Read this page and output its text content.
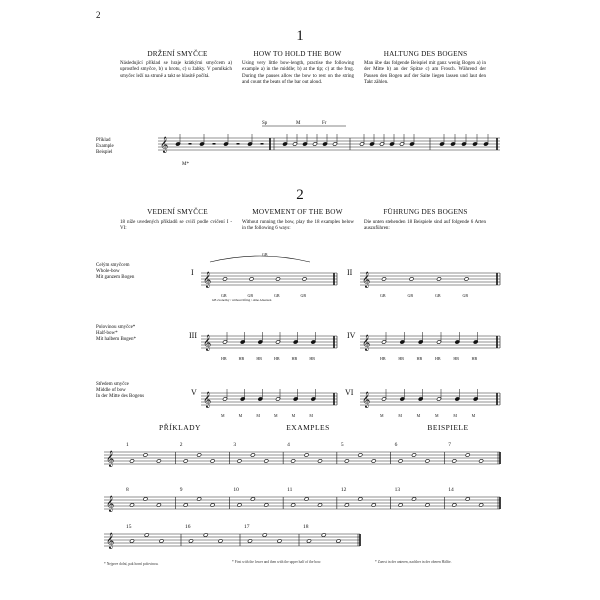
2
1
DRŽENÍ SMYČCE	HOW TO HOLD THE BOW	HALTUNG DES BOGENS
Následující příklad se hraje krátkými smyčcem a) uprostřed smyčce, b) u hrotu, c) u žabky. V pomlkách smyčec leží na struně a takt se hlasitě počítá.
Using very little bow-length, practise the following example a) in the middle; b) at the tip; c) at the frog. During the pauses allow the bow to rest on the string and count the beats of the bar out aloud.
Man übe das folgende Beispiel mit ganz wenig Bogen a) in der Mitte b) an der Spitze c) am Frosch. Während der Pausen den Bogen auf der Saite liegen lassen und laut den Takt zählen.
Příklad
Example
Beispiel
2
VEDENÍ SMYČCE	MOVEMENT OF THE BOW	FÜHRUNG DES BOGENS
18 níže uvedených příkladů se cvičí podle cvičení I - VI:
Without running the bow, play the 18 examples below in the following 6 ways:
Die unten stehenden 18 Beispiele sind auf folgende 6 Arten auszuführen:
Celým smyčcem
Whole-bow
Mit ganzem Bogen
Polovinou smyčce*
Half-bow*
Mit halbem Bogen*
Středem smyčce
Middle of bow
In der Mitte des Bogens
I	II
III	IV
V	VI
PŘÍKLADY	EXAMPLES	BEISPIELE
* Nejprve dolní, pak horní polovinou.	* First with the lower and then with the upper half of the bow.	* Zuerst in der unteren, nachher in der oberen Hälfte.
𝄞
Sp	M	Fr
M*
𝄞
GB	GB	GB	GB
𝄞
GB	GB	GB	GB
𝄞
HB	HB	HB	HB	HB	HB
𝄞
HB	HB	HB	HB	HB	HB
𝄞
M	M	M	M	M	M
𝄞
M	M	M	M	M	M
GB
GB zvonečky / without lifting / ohne Absetzen
𝄞
1	2	3	4	5	6	7
𝄞
8	9	10	11	12	13	14
𝄞
15	16	17	18
